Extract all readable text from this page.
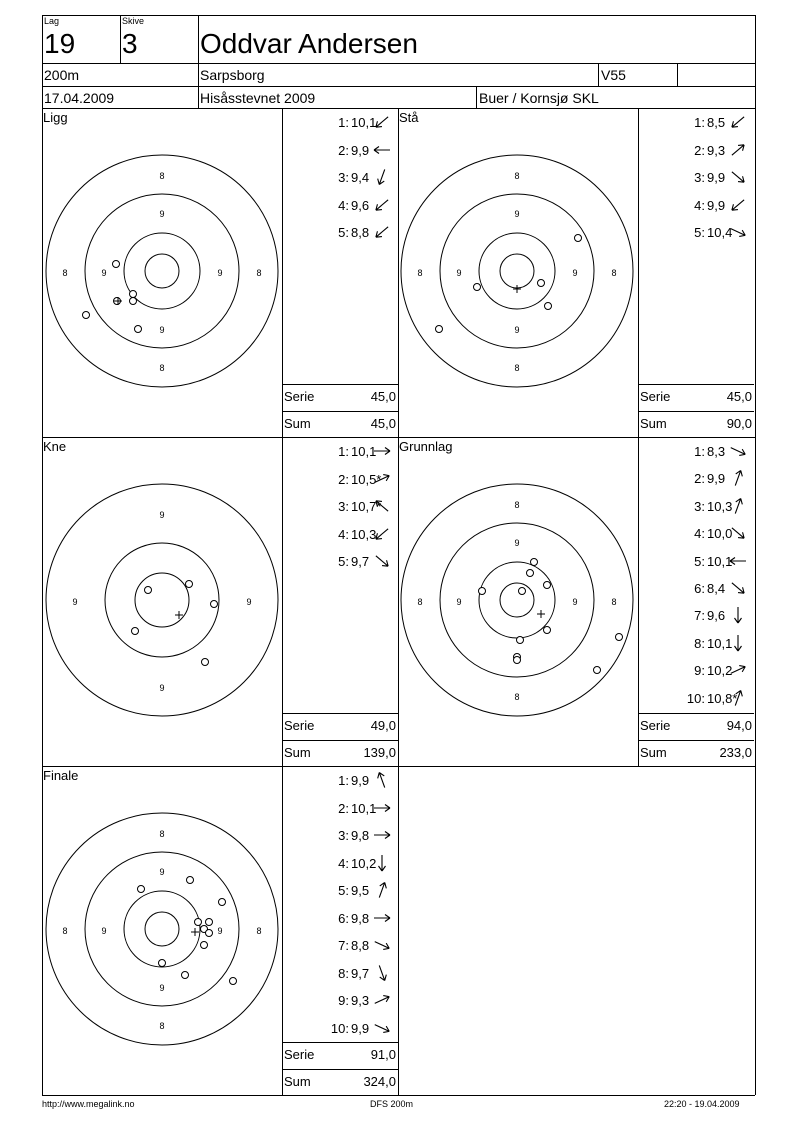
Lag
19
Skive
3 Oddvar Andersen
200m	Sarpsborg	V55
17.04.2009	Hisåsstevnet 2009	Buer / Kornsjø SKL
Ligg
8
8
8	8
9
9
9	9
1: 10,1
2: 9,9
3: 9,4
4: 9,6
5: 8,8
Serie	45,0
Sum	45,0
Stå
8
8
8	8
9
9
9	9
1: 8,5
2: 9,3
3: 9,9
4: 9,9
5: 10,4
Serie	45,0
Sum	90,0
Kne
9
9
9	9
1: 10,1
2: 10,5*
3: 10,7*
4: 10,3
5: 9,7
Serie	49,0
Sum	139,0
Grunnlag
8
8
8	8
9
9	9
1: 8,3
2: 9,9
3: 10,3
4: 10,0
5: 10,1
6: 8,4
7: 9,6
8: 10,1
9: 10,2
10: 10,8*
Serie	94,0
Sum	233,0
Finale
8
8
8	8
9
9
9	9
1: 9,9
2: 10,1
3: 9,8
4: 10,2
5: 9,5
6: 9,8
7: 8,8
8: 9,7
9: 9,3
10: 9,9
Serie	91,0
Sum	324,0
http://www.megalink.no	DFS 200m	22:20 - 19.04.2009
